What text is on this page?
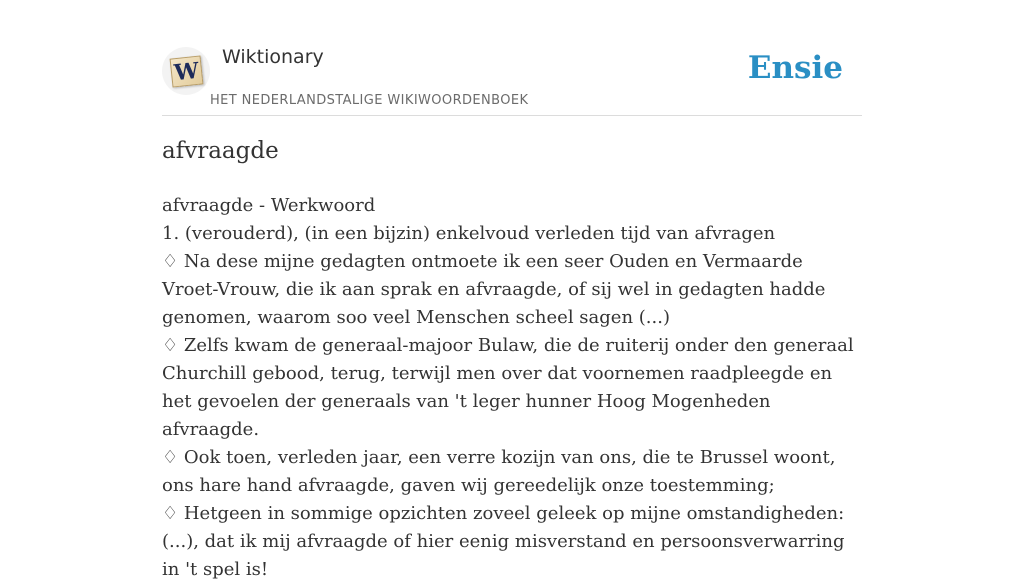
W
Wiktionary
HET NEDERLANDSTALIGE WIKIWOORDENBOEK
Ensie
afvraagde
afvraagde - Werkwoord
1. (verouderd), (in een bijzin) enkelvoud verleden tijd van afvragen
♢ Na dese mijne gedagten ontmoete ik een seer Ouden en Vermaarde Vroet-Vrouw, die ik aan sprak en afvraagde, of sij wel in gedagten hadde genomen, waarom soo veel Menschen scheel sagen (...)
♢ Zelfs kwam de generaal-majoor Bulaw, die de ruiterij onder den generaal Churchill gebood, terug, terwijl men over dat voornemen raadpleegde en het gevoelen der generaals van 't leger hunner Hoog Mogenheden afvraagde.
♢ Ook toen, verleden jaar, een verre kozijn van ons, die te Brussel woont, ons hare hand afvraagde, gaven wij gereedelijk onze toestemming;
♢ Hetgeen in sommige opzichten zoveel geleek op mijne omstandigheden: (...), dat ik mij afvraagde of hier eenig misverstand en persoonsverwarring in 't spel is!
